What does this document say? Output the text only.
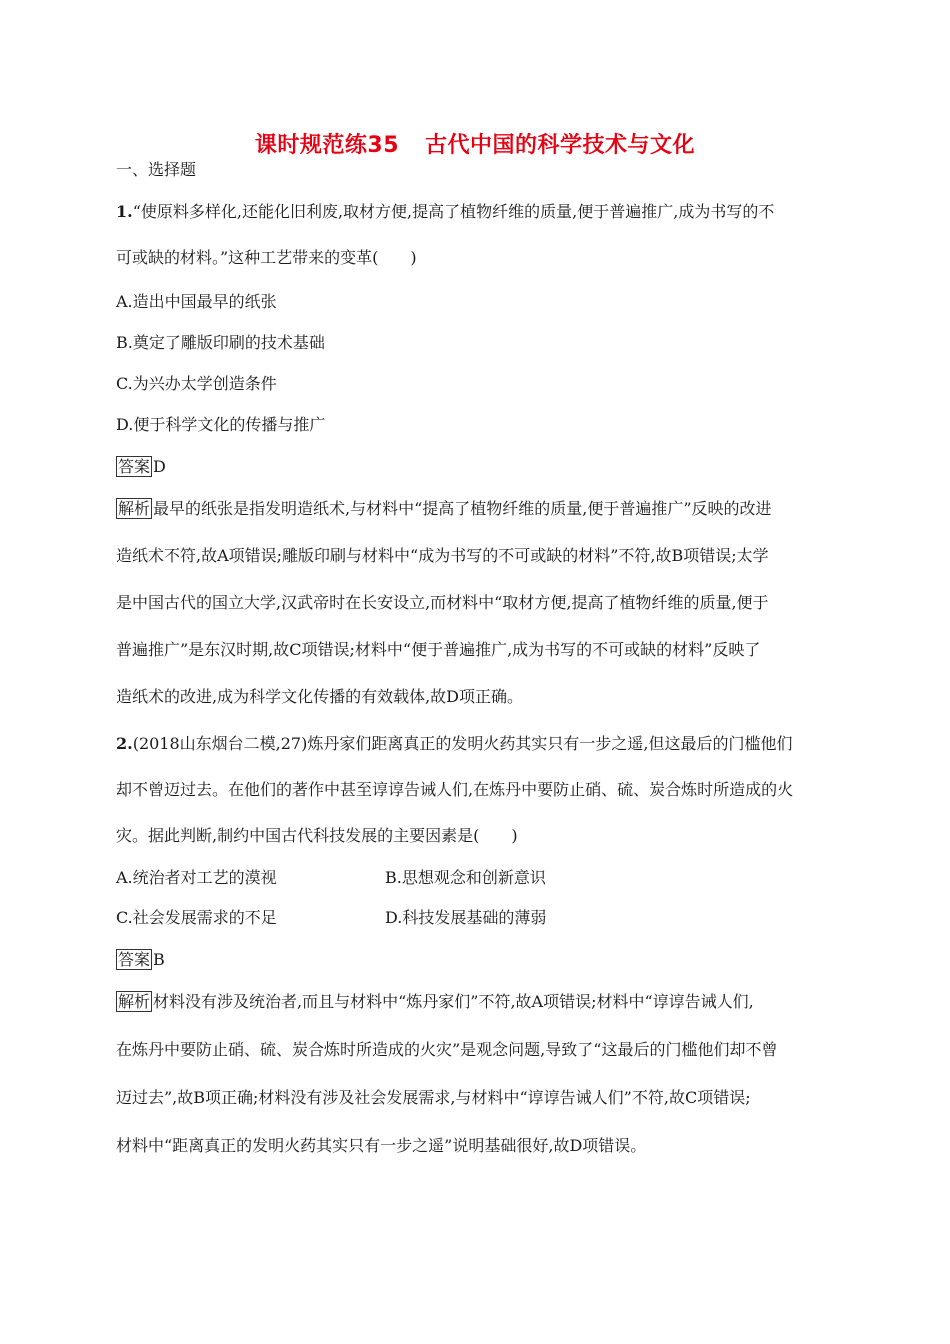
课时规范练35 古代中国的科学技术与文化
一、选择题
1.“使原料多样化,还能化旧利废,取材方便,提高了植物纤维的质量,便于普遍推广,成为书写的不
可或缺的材料。”这种工艺带来的变革(　　)
A.造出中国最早的纸张
B.奠定了雕版印刷的技术基础
C.为兴办太学创造条件
D.便于科学文化的传播与推广
答案 D
解析 最早的纸张是指发明造纸术,与材料中“提高了植物纤维的质量,便于普遍推广”反映的改进
造纸术不符,故A项错误;雕版印刷与材料中“成为书写的不可或缺的材料”不符,故B项错误;太学
是中国古代的国立大学,汉武帝时在长安设立,而材料中“取材方便,提高了植物纤维的质量,便于
普遍推广”是东汉时期,故C项错误;材料中“便于普遍推广,成为书写的不可或缺的材料”反映了
造纸术的改进,成为科学文化传播的有效载体,故D项正确。
2.(2018山东烟台二模,27)炼丹家们距离真正的发明火药其实只有一步之遥,但这最后的门槛他们
却不曾迈过去。在他们的著作中甚至谆谆告诫人们,在炼丹中要防止硝、硫、炭合炼时所造成的火
灾。据此判断,制约中国古代科技发展的主要因素是(　　)
A.统治者对工艺的漠视	B.思想观念和创新意识
C.社会发展需求的不足	D.科技发展基础的薄弱
答案 B
解析 材料没有涉及统治者,而且与材料中“炼丹家们”不符,故A项错误;材料中“谆谆告诫人们,
在炼丹中要防止硝、硫、炭合炼时所造成的火灾”是观念问题,导致了“这最后的门槛他们却不曾
迈过去”,故B项正确;材料没有涉及社会发展需求,与材料中“谆谆告诫人们”不符,故C项错误;
材料中“距离真正的发明火药其实只有一步之遥”说明基础很好,故D项错误。
